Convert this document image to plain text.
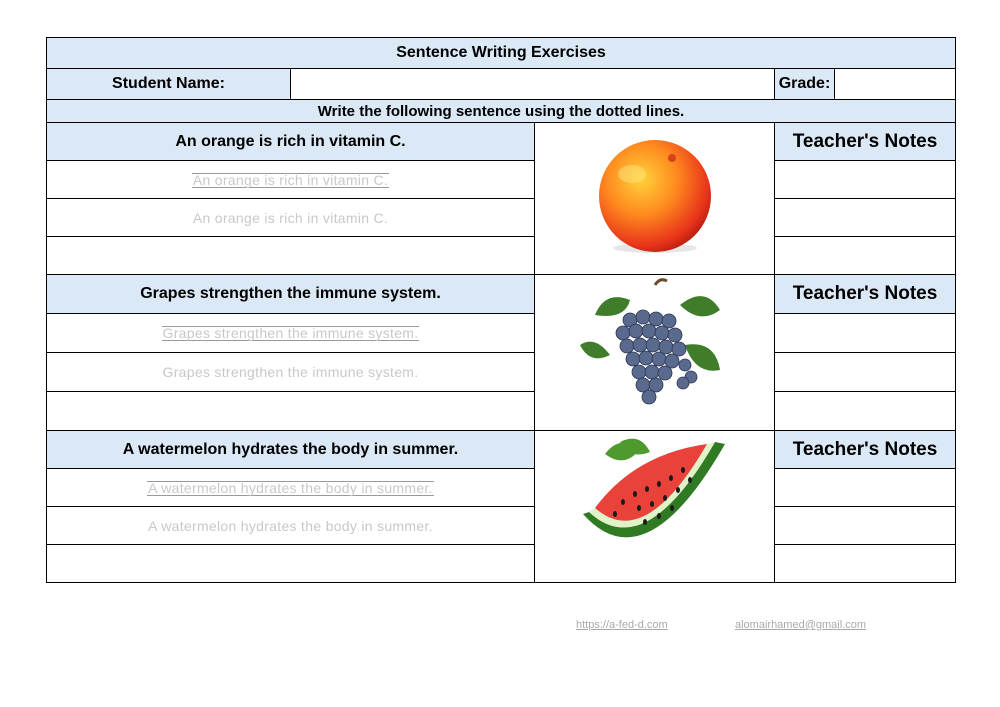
Sentence Writing Exercises				
Student Name:			Grade:	
Write the following sentence using the dotted lines.				
An orange is rich in vitamin C.			Teacher's Notes	
An orange is rich in vitamin C.				
An orange is rich in vitamin C.				

Grapes strengthen the immune system.			Teacher's Notes	
Grapes strengthen the immune system.				
Grapes strengthen the immune system.				

A watermelon hydrates the body in summer.			Teacher's Notes	
A watermelon hydrates the body in summer.				
A watermelon hydrates the body in summer.				

https://a-fed-d.com	alomairhamed@gmail.com
